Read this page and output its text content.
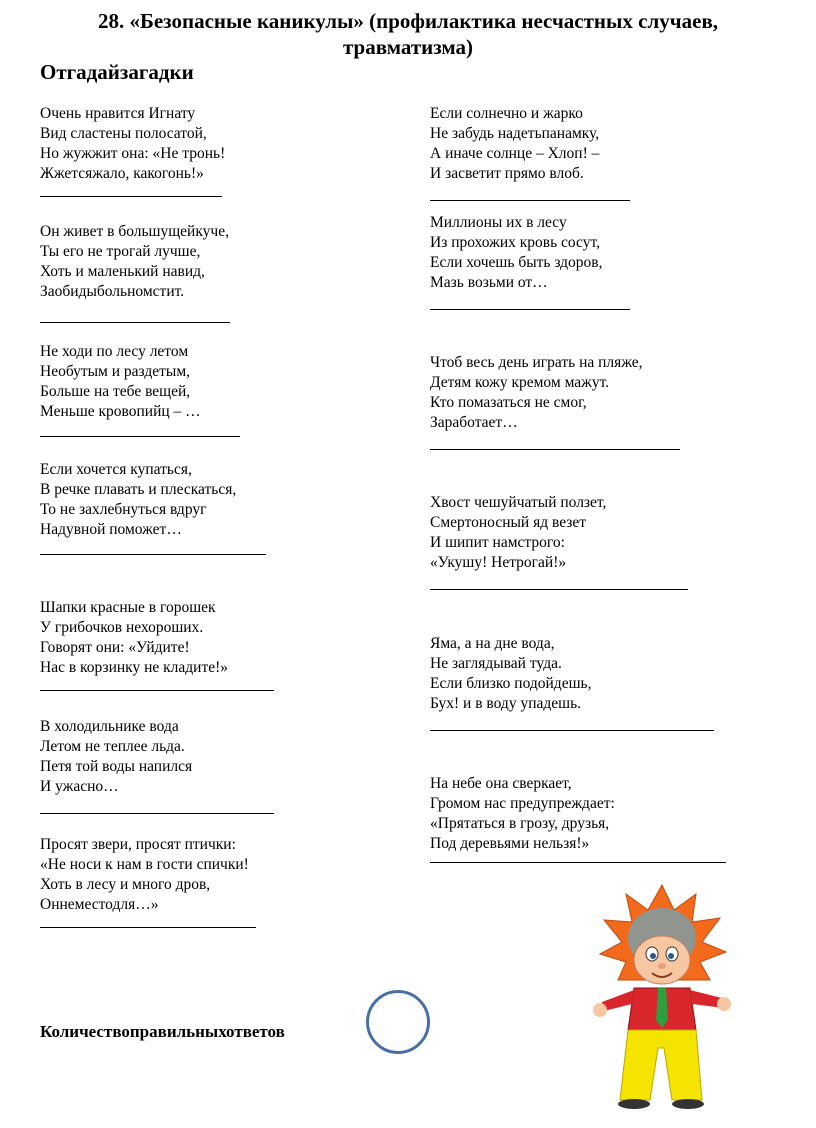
28. «Безопасные каникулы» (профилактика несчастных случаев,
травматизма)
Отгадайзагадки
Очень нравится Игнату
Вид сластены полосатой,
Но жужжит она: «Не тронь!
Жжетсяжало, какогонь!»
Он живет в большущейкуче,
Ты его не трогай лучше,
Хоть и маленький навид,
Заобидыбольномстит.
Не ходи по лесу летом
Необутым и раздетым,
Больше на тебе вещей,
Меньше кровопийц – …
Если хочется купаться,
В речке плавать и плескаться,
То не захлебнуться вдруг
Надувной поможет…
Шапки красные в горошек
У грибочков нехороших.
Говорят они: «Уйдите!
Нас в корзинку не кладите!»
В холодильнике вода
Летом не теплее льда.
Петя той воды напился
И ужасно…
Просят звери, просят птички:
«Не носи к нам в гости спички!
Хоть в лесу и много дров,
Оннеместодля…»
Если солнечно и жарко
Не забудь надетьпанамку,
А иначе солнце – Хлоп! –
И засветит прямо влоб.
Миллионы их в лесу
Из прохожих кровь сосут,
Если хочешь быть здоров,
Мазь возьми от…
Чтоб весь день играть на пляже,
Детям кожу кремом мажут.
Кто помазаться не смог,
Заработает…
Хвост чешуйчатый ползет,
Смертоносный яд везет
И шипит намстрого:
«Укушу! Нетрогай!»
Яма, а на дне вода,
Не заглядывай туда.
Если близко подойдешь,
Бух! и в воду упадешь.
На небе она сверкает,
Громом нас предупреждает:
«Прятаться в грозу, друзья,
Под деревьями нельзя!»
Количествоправильныхответов
